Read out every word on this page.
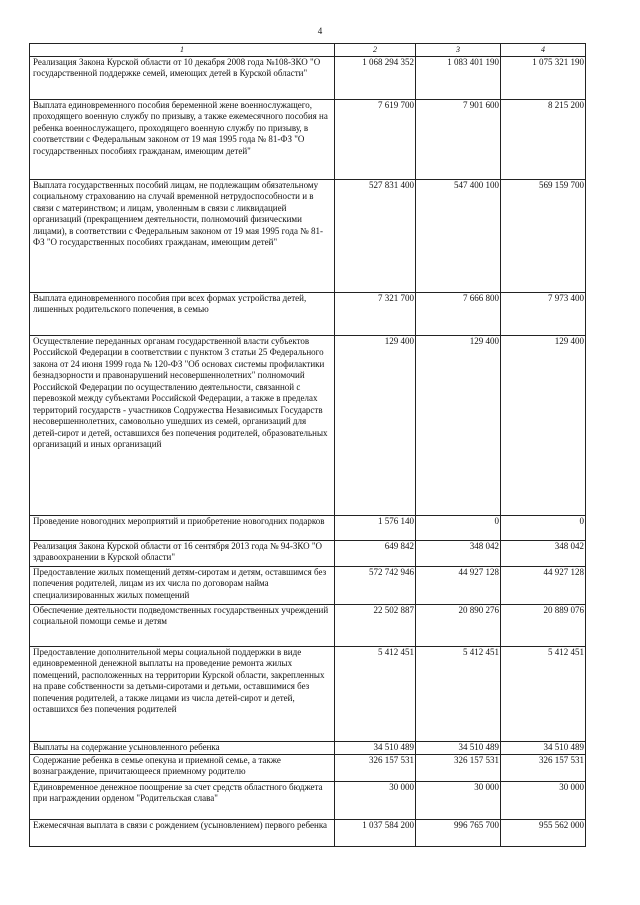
4
1	2	3	4
Реализация Закона Курской области от 10 декабря 2008 года №108-ЗКО "О государственной поддержке семей, имеющих детей в Курской области"	1 068 294 352	1 083 401 190	1 075 321 190
Выплата единовременного пособия беременной жене военнослужащего, проходящего военную службу по призыву, а также ежемесячного пособия на ребенка военнослужащего, проходящего военную службу по призыву, в соответствии с Федеральным законом от 19 мая 1995 года № 81-ФЗ "О государственных пособиях гражданам, имеющим детей"	7 619 700	7 901 600	8 215 200
Выплата государственных пособий лицам, не подлежащим обязательному социальному страхованию на случай временной нетрудоспособности и в связи с материнством; и лицам, уволенным в связи с ликвидацией организаций (прекращением деятельности, полномочий физическими лицами), в соответствии с Федеральным законом от 19 мая 1995 года № 81-ФЗ "О государственных пособиях гражданам, имеющим детей"	527 831 400	547 400 100	569 159 700
Выплата единовременного пособия при всех формах устройства детей, лишенных родительского попечения, в семью	7 321 700	7 666 800	7 973 400
Осуществление переданных органам государственной власти субъектов Российской Федерации в соответствии с пунктом 3 статьи 25 Федерального закона от 24 июня 1999 года № 120-ФЗ "Об основах системы профилактики безнадзорности и правонарушений несовершеннолетних" полномочий Российской Федерации по осуществлению деятельности, связанной с перевозкой между субъектами Российской Федерации, а также в пределах территорий государств - участников Содружества Независимых Государств несовершеннолетних, самовольно ушедших из семей, организаций для детей-сирот и детей, оставшихся без попечения родителей, образовательных организаций и иных организаций	129 400	129 400	129 400
Проведение новогодних мероприятий и приобретение новогодних подарков	1 576 140	0	0
Реализация Закона Курской области от 16 сентября 2013 года № 94-ЗКО "О здравоохранении в Курской области"	649 842	348 042	348 042
Предоставление жилых помещений детям-сиротам и детям, оставшимся без попечения родителей, лицам из их числа по договорам найма специализированных жилых помещений	572 742 946	44 927 128	44 927 128
Обеспечение деятельности подведомственных государственных учреждений социальной помощи семье и детям	22 502 887	20 890 276	20 889 076
Предоставление дополнительной меры социальной поддержки в виде единовременной денежной выплаты на проведение ремонта жилых помещений, расположенных на территории Курской области, закрепленных на праве собственности за детьми-сиротами и детьми, оставшимися без попечения родителей, а также лицами из числа детей-сирот и детей, оставшихся без попечения родителей	5 412 451	5 412 451	5 412 451
Выплаты на содержание усыновленного ребенка	34 510 489	34 510 489	34 510 489
Содержание ребенка в семье опекуна и приемной семье, а также вознаграждение, причитающееся приемному родителю	326 157 531	326 157 531	326 157 531
Единовременное денежное поощрение за счет средств областного бюджета при награждении орденом "Родительская слава"	30 000	30 000	30 000
Ежемесячная выплата в связи с рождением (усыновлением) первого ребенка	1 037 584 200	996 765 700	955 562 000
